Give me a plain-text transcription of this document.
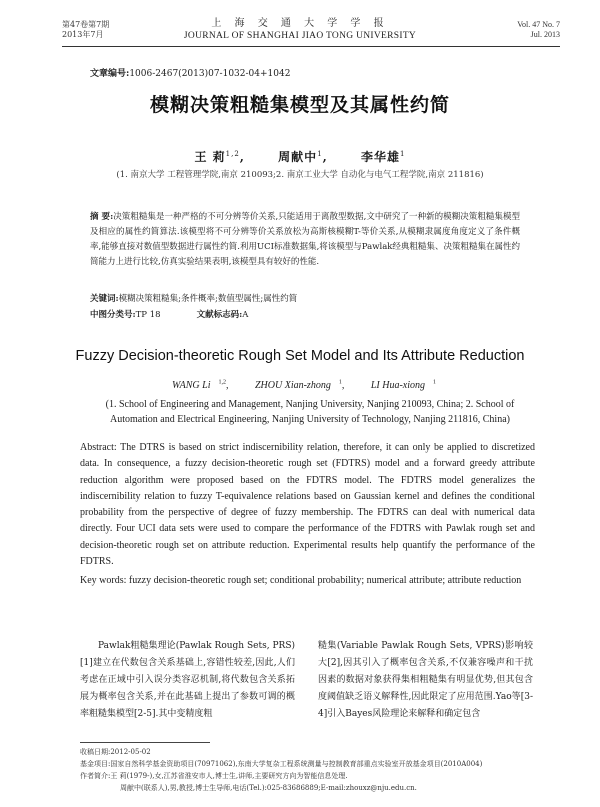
第47卷第7期
2013年7月
上 海 交 通 大 学 学 报
JOURNAL OF SHANGHAI JIAO TONG UNIVERSITY
Vol. 47 No. 7
Jul. 2013
文章编号:1006-2467(2013)07-1032-04+1042
模糊决策粗糙集模型及其属性约简
王 莉$^{1,2}$,	周献中$^1$,	李华雄$^1$
(1. 南京大学 工程管理学院,南京 210093;2. 南京工业大学 自动化与电气工程学院,南京 211816)
摘 要:决策粗糙集是一种严格的不可分辨等价关系,只能适用于离散型数据,文中研究了一种新的模糊决策粗糙集模型及相应的属性约简算法.该模型将不可分辨等价关系放松为高斯核模糊T-等价关系,从模糊隶属度角度定义了条件概率,能够直接对数值型数据进行属性约简.利用UCI标准数据集,将该模型与Pawlak经典粗糙集、决策粗糙集在属性约简能力上进行比较,仿真实验结果表明,该模型具有较好的性能.
关键词:模糊决策粗糙集;条件概率;数值型属性;属性约简
中图分类号:TP 18	文献标志码:A
Fuzzy Decision-theoretic Rough Set Model and Its Attribute Reduction
WANG Li $^{1,2}$,	ZHOU Xian-zhong $^1$,	LI Hua-xiong $^1$
(1. School of Engineering and Management, Nanjing University, Nanjing 210093, China; 2. School of Automation and Electrical Engineering, Nanjing University of Technology, Nanjing 211816, China)
Abstract: The DTRS is based on strict indiscernibility relation, therefore, it can only be applied to discretized data. In consequence, a fuzzy decision-theoretic rough set (FDTRS) model and a forward greedy attribute reduction algorithm were proposed based on the FDTRS model. The FDTRS model generalizes the indiscernibility relation to fuzzy T-equivalence relations based on Gaussian kernel and defines the conditional probability from the perspective of degree of fuzzy membership. The FDTRS can deal with numerical data directly. Four UCI data sets were used to compare the performance of the FDTRS with Pawlak rough set and decision-theoretic rough set on attribute reduction. Experimental results help quantify the performance of the FDTRS.
Key words: fuzzy decision-theoretic rough set; conditional probability; numerical attribute; attribute reduction

Pawlak粗糙集理论(Pawlak Rough Sets, PRS)[1]建立在代数包含关系基础上,容错性较差,因此,人们考虑在正域中引入误分类容忍机制,将代数包含关系拓展为概率包含关系,并在此基础上提出了参数可调的概率粗糙集模型[2-5].其中变精度粗

糙集(Variable Pawlak Rough Sets, VPRS)影响较大[2],因其引入了概率包含关系,不仅兼容噪声和干扰因素的数据对象获得集相粗糙集有明显优势,但其包含度阈值缺乏语义解释性,因此限定了应用范围.Yao等[3-4]引入Bayes风险理论来解释和确定包含

收稿日期:2012-05-02
基金项目:国家自然科学基金资助项目(70971062),东南大学复杂工程系统测量与控制教育部重点实验室开放基金项目(2010A004)
作者简介:王 莉(1979-),女,江苏省淮安市人,博士生,讲师,主要研究方向为智能信息处理.
周献中(联系人),男,教授,博士生导师,电话(Tel.):025-83686889;E-mail:zhouxz@nju.edu.cn.
